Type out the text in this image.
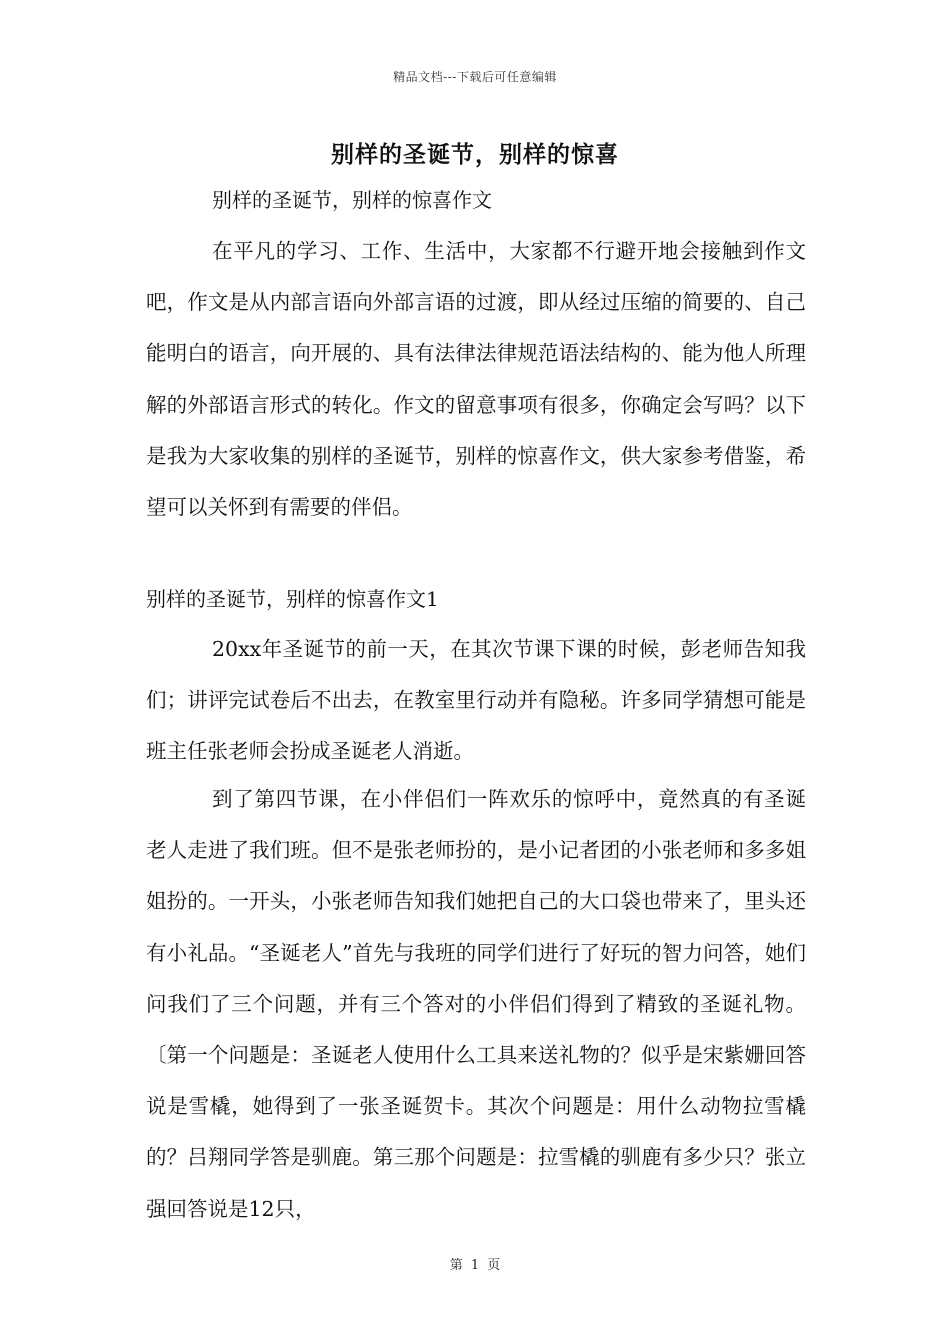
精品文档---下载后可任意编辑
别样的圣诞节，别样的惊喜
别样的圣诞节，别样的惊喜作文

在平凡的学习、工作、生活中，大家都不行避开地会接触到作文吧，作文是从内部言语向外部言语的过渡，即从经过压缩的简要的、自己能明白的语言，向开展的、具有法律法律规范语法结构的、能为他人所理解的外部语言形式的转化。作文的留意事项有很多，你确定会写吗？以下是我为大家收集的别样的圣诞节，别样的惊喜作文，供大家参考借鉴，希望可以关怀到有需要的伴侣。

别样的圣诞节，别样的惊喜作文1

20xx年圣诞节的前一天，在其次节课下课的时候，彭老师告知我们；讲评完试卷后不出去，在教室里行动并有隐秘。许多同学猜想可能是班主任张老师会扮成圣诞老人消逝。

到了第四节课，在小伴侣们一阵欢乐的惊呼中，竟然真的有圣诞老人走进了我们班。但不是张老师扮的，是小记者团的小张老师和多多姐姐扮的。一开头，小张老师告知我们她把自己的大口袋也带来了，里头还有小礼品。“圣诞老人”首先与我班的同学们进行了好玩的智力问答，她们问我们了三个问题，并有三个答对的小伴侣们得到了精致的圣诞礼物。〔第一个问题是：圣诞老人使用什么工具来送礼物的？似乎是宋紫姗回答说是雪橇，她得到了一张圣诞贺卡。其次个问题是：用什么动物拉雪橇的？吕翔同学答是驯鹿。第三那个问题是：拉雪橇的驯鹿有多少只？张立强回答说是12只，

第 1 页
